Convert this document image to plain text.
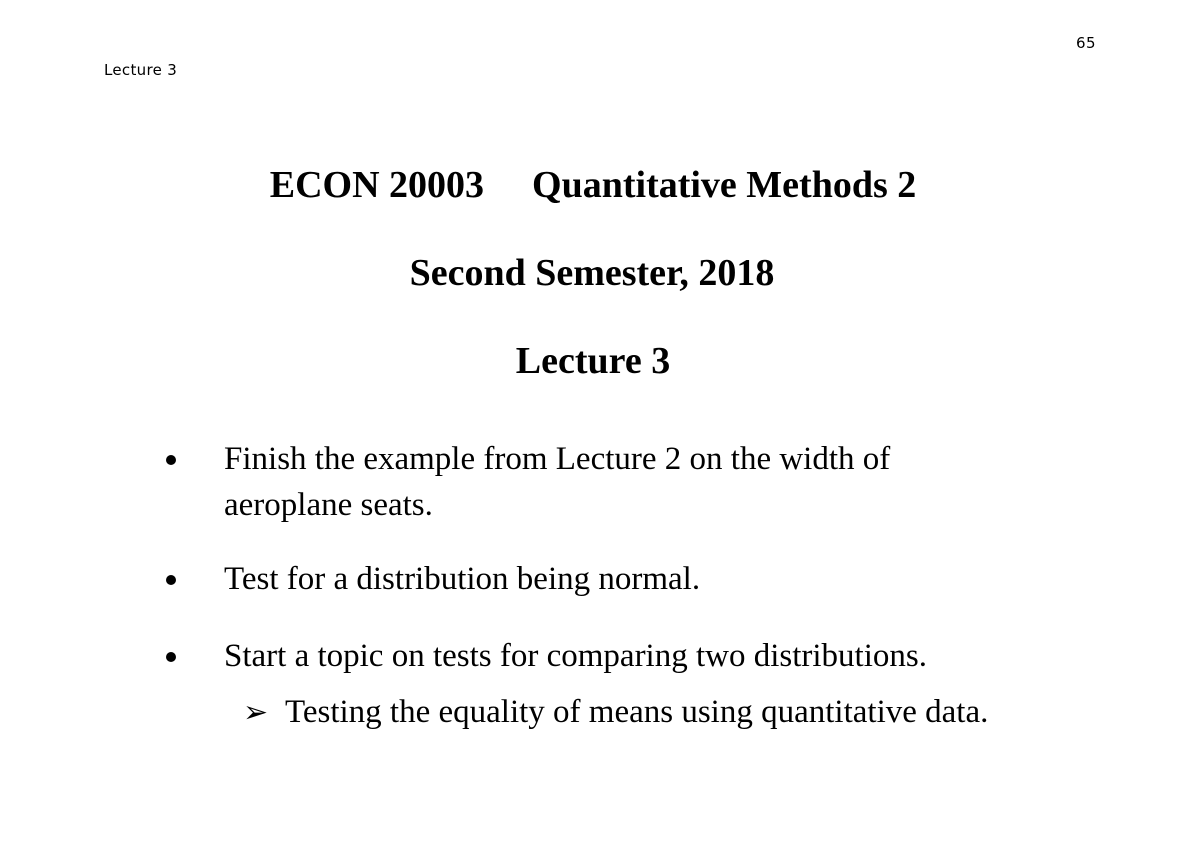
65
Lecture 3
ECON 20003 Quantitative Methods 2
Second Semester, 2018
Lecture 3
Finish the example from Lecture 2 on the width of
aeroplane seats.
Test for a distribution being normal.
Start a topic on tests for comparing two distributions.
➢ Testing the equality of means using quantitative data.
